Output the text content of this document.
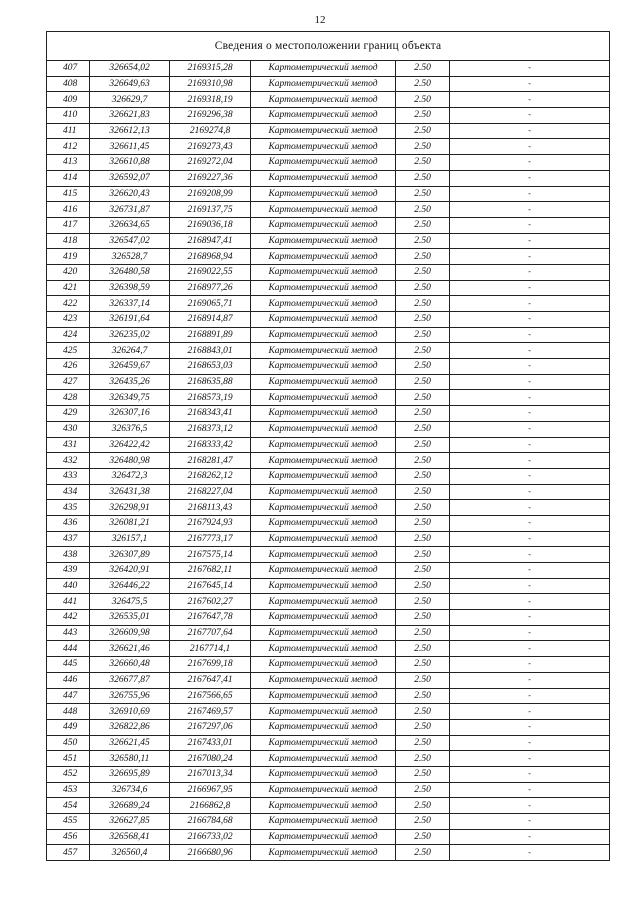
12
Сведения о местоположении границ объекта					
407	326654,02	2169315,28	Картометрический метод	2.50	-
408	326649,63	2169310,98	Картометрический метод	2.50	-
409	326629,7	2169318,19	Картометрический метод	2.50	-
410	326621,83	2169296,38	Картометрический метод	2.50	-
411	326612,13	2169274,8	Картометрический метод	2.50	-
412	326611,45	2169273,43	Картометрический метод	2.50	-
413	326610,88	2169272,04	Картометрический метод	2.50	-
414	326592,07	2169227,36	Картометрический метод	2.50	-
415	326620,43	2169208,99	Картометрический метод	2.50	-
416	326731,87	2169137,75	Картометрический метод	2.50	-
417	326634,65	2169036,18	Картометрический метод	2.50	-
418	326547,02	2168947,41	Картометрический метод	2.50	-
419	326528,7	2168968,94	Картометрический метод	2.50	-
420	326480,58	2169022,55	Картометрический метод	2.50	-
421	326398,59	2168977,26	Картометрический метод	2.50	-
422	326337,14	2169065,71	Картометрический метод	2.50	-
423	326191,64	2168914,87	Картометрический метод	2.50	-
424	326235,02	2168891,89	Картометрический метод	2.50	-
425	326264,7	2168843,01	Картометрический метод	2.50	-
426	326459,67	2168653,03	Картометрический метод	2.50	-
427	326435,26	2168635,88	Картометрический метод	2.50	-
428	326349,75	2168573,19	Картометрический метод	2.50	-
429	326307,16	2168343,41	Картометрический метод	2.50	-
430	326376,5	2168373,12	Картометрический метод	2.50	-
431	326422,42	2168333,42	Картометрический метод	2.50	-
432	326480,98	2168281,47	Картометрический метод	2.50	-
433	326472,3	2168262,12	Картометрический метод	2.50	-
434	326431,38	2168227,04	Картометрический метод	2.50	-
435	326298,91	2168113,43	Картометрический метод	2.50	-
436	326081,21	2167924,93	Картометрический метод	2.50	-
437	326157,1	2167773,17	Картометрический метод	2.50	-
438	326307,89	2167575,14	Картометрический метод	2.50	-
439	326420,91	2167682,11	Картометрический метод	2.50	-
440	326446,22	2167645,14	Картометрический метод	2.50	-
441	326475,5	2167602,27	Картометрический метод	2.50	-
442	326535,01	2167647,78	Картометрический метод	2.50	-
443	326609,98	2167707,64	Картометрический метод	2.50	-
444	326621,46	2167714,1	Картометрический метод	2.50	-
445	326660,48	2167699,18	Картометрический метод	2.50	-
446	326677,87	2167647,41	Картометрический метод	2.50	-
447	326755,96	2167566,65	Картометрический метод	2.50	-
448	326910,69	2167469,57	Картометрический метод	2.50	-
449	326822,86	2167297,06	Картометрический метод	2.50	-
450	326621,45	2167433,01	Картометрический метод	2.50	-
451	326580,11	2167080,24	Картометрический метод	2.50	-
452	326695,89	2167013,34	Картометрический метод	2.50	-
453	326734,6	2166967,95	Картометрический метод	2.50	-
454	326689,24	2166862,8	Картометрический метод	2.50	-
455	326627,85	2166784,68	Картометрический метод	2.50	-
456	326568,41	2166733,02	Картометрический метод	2.50	-
457	326560,4	2166680,96	Картометрический метод	2.50	-
